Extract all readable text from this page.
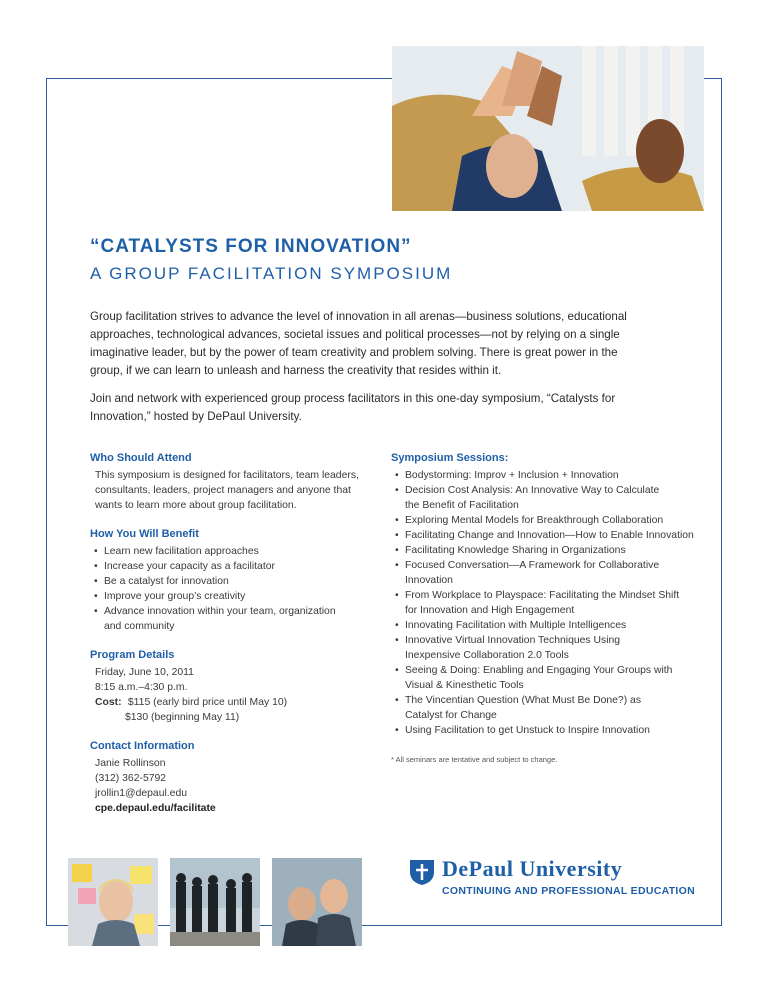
“CATALYSTS FOR INNOVATION”
A GROUP FACILITATION SYMPOSIUM
Group facilitation strives to advance the level of innovation in all arenas—business solutions, educational approaches, technological advances, societal issues and political processes—not by relying on a single imaginative leader, but by the power of team creativity and problem solving. There is great power in the group, if we can learn to unleash and harness the creativity that resides within it.
Join and network with experienced group process facilitators in this one-day symposium, “Catalysts for Innovation,” hosted by DePaul University.
Who Should Attend
This symposium is designed for facilitators, team leaders, consultants, leaders, project managers and anyone that wants to learn more about group facilitation.
How You Will Benefit
• Learn new facilitation approaches
• Increase your capacity as a facilitator
• Be a catalyst for innovation
• Improve your group’s creativity
• Advance innovation within your team, organization and community
Program Details
Friday, June 10, 2011
8:15 a.m.–4:30 p.m.
Cost: $115 (early bird price until May 10)
$130 (beginning May 11)
Contact Information
Janie Rollinson
(312) 362-5792
jrollin1@depaul.edu
cpe.depaul.edu/facilitate
Symposium Sessions:
• Bodystorming: Improv + Inclusion + Innovation
• Decision Cost Analysis: An Innovative Way to Calculate the Benefit of Facilitation
• Exploring Mental Models for Breakthrough Collaboration
• Facilitating Change and Innovation—How to Enable Innovation
• Facilitating Knowledge Sharing in Organizations
• Focused Conversation—A Framework for Collaborative Innovation
• From Workplace to Playspace: Facilitating the Mindset Shift for Innovation and High Engagement
• Innovating Facilitation with Multiple Intelligences
• Innovative Virtual Innovation Techniques Using Inexpensive Collaboration 2.0 Tools
• Seeing & Doing: Enabling and Engaging Your Groups with Visual & Kinesthetic Tools
• The Vincentian Question (What Must Be Done?) as Catalyst for Change
• Using Facilitation to get Unstuck to Inspire Innovation
* All seminars are tentative and subject to change.
DePaul University
CONTINUING AND PROFESSIONAL EDUCATION
